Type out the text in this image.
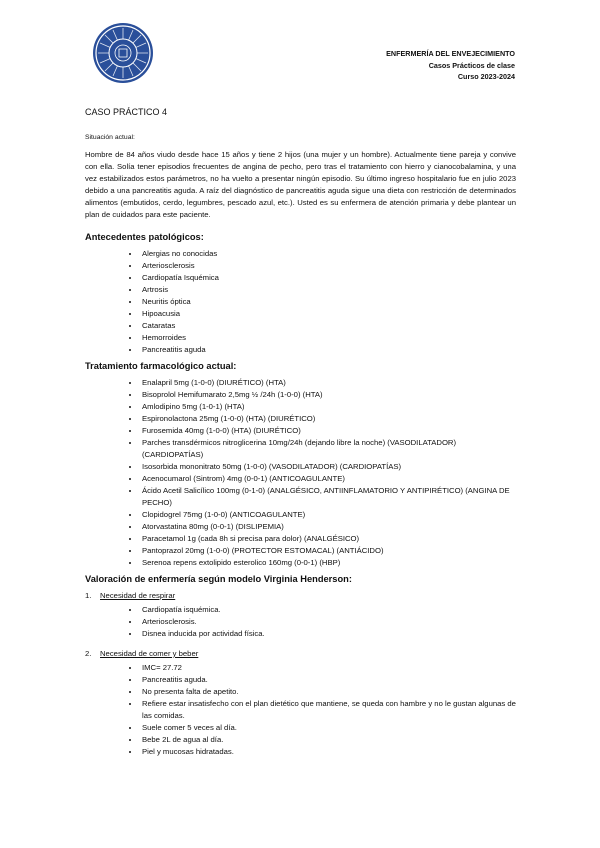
ENFERMERÍA DEL ENVEJECIMIENTO
Casos Prácticos de clase
Curso 2023-2024
CASO PRÁCTICO 4
Situación actual:
Hombre de 84 años viudo desde hace 15 años y tiene 2 hijos (una mujer y un hombre). Actualmente tiene pareja y convive con ella. Solía tener episodios frecuentes de angina de pecho, pero tras el tratamiento con hierro y cianocobalamina, y una vez estabilizados estos parámetros, no ha vuelto a presentar ningún episodio. Su último ingreso hospitalario fue en julio 2023 debido a una pancreatitis aguda. A raíz del diagnóstico de pancreatitis aguda sigue una dieta con restricción de determinados alimentos (embutidos, cerdo, legumbres, pescado azul, etc.). Usted es su enfermera de atención primaria y debe plantear un plan de cuidados para este paciente.
Antecedentes patológicos:
• Alergias no conocidas
• Arteriosclerosis
• Cardiopatía Isquémica
• Artrosis
• Neuritis óptica
• Hipoacusia
• Cataratas
• Hemorroides
• Pancreatitis aguda
Tratamiento farmacológico actual:
• Enalapril 5mg (1-0-0) (DIURÉTICO) (HTA)
• Bisoprolol Hemifumarato 2,5mg ½ /24h (1-0-0) (HTA)
• Amlodipino 5mg (1-0-1) (HTA)
• Espironolactona 25mg (1-0-0) (HTA) (DIURÉTICO)
• Furosemida 40mg (1-0-0) (HTA) (DIURÉTICO)
• Parches transdérmicos nitroglicerina 10mg/24h (dejando libre la noche) (VASODILATADOR) (CARDIOPATÍAS)
• Isosorbida mononitrato 50mg (1-0-0) (VASODILATADOR) (CARDIOPATÍAS)
• Acenocumarol (Sintrom) 4mg (0-0-1) (ANTICOAGULANTE)
• Ácido Acetil Salicílico 100mg (0-1-0) (ANALGÉSICO, ANTIINFLAMATORIO Y ANTIPIRÉTICO) (ANGINA DE PECHO)
• Clopidogrel 75mg (1-0-0) (ANTICOAGULANTE)
• Atorvastatina 80mg (0-0-1) (DISLIPEMIA)
• Paracetamol 1g (cada 8h si precisa para dolor) (ANALGÉSICO)
• Pantoprazol 20mg (1-0-0) (PROTECTOR ESTOMACAL) (ANTIÁCIDO)
• Serenoa repens extolipido esterolico 160mg (0-0-1) (HBP)
Valoración de enfermería según modelo Virginia Henderson:
1. Necesidad de respirar
• Cardiopatía isquémica.
• Arteriosclerosis.
• Disnea inducida por actividad física.
2. Necesidad de comer y beber
• IMC= 27.72
• Pancreatitis aguda.
• No presenta falta de apetito.
• Refiere estar insatisfecho con el plan dietético que mantiene, se queda con hambre y no le gustan algunas de las comidas.
• Suele comer 5 veces al día.
• Bebe 2L de agua al día.
• Piel y mucosas hidratadas.
